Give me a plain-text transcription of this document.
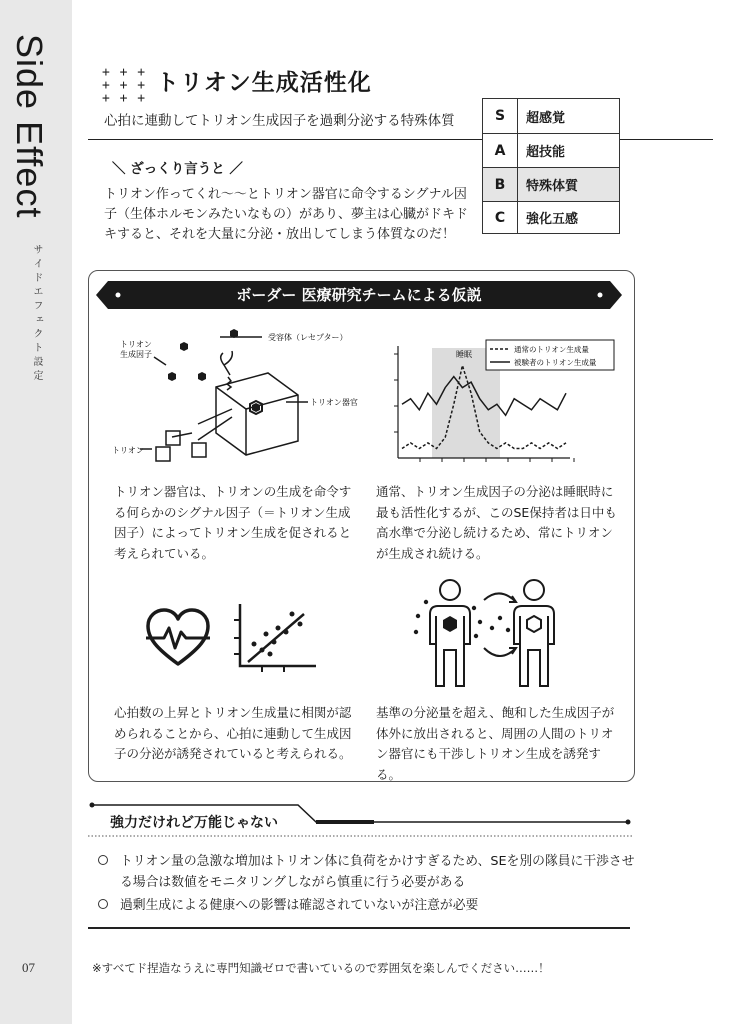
Side Effect
サイドエフェクト設定
07
+ + +
+ + +
+ + +
トリオン生成活性化
心拍に連動してトリオン生成因子を過剰分泌する特殊体質	S	超感覚
A	超技能
B	特殊体質
C	強化五感
＼ ざっくり言うと ／
トリオン作ってくれ〜〜とトリオン器官に命令するシグナル因子（生体ホルモンみたいなもの）があり、夢主は心臓がドキドキすると、それを大量に分泌・放出してしまう体質なのだ！
ボーダー 医療研究チームによる仮説
トリオン
生成因子
受容体（レセプター）
トリオン器官
トリオン
睡眠
通常のトリオン生成量
被験者のトリオン生成量
トリオン器官は、トリオンの生成を命令する何らかのシグナル因子（＝トリオン生成因子）によってトリオン生成を促されると考えられている。
通常、トリオン生成因子の分泌は睡眠時に最も活性化するが、このSE保持者は日中も高水準で分泌し続けるため、常にトリオンが生成され続ける。
心拍数の上昇とトリオン生成量に相関が認められることから、心拍に連動して生成因子の分泌が誘発されていると考えられる。
基準の分泌量を超え、飽和した生成因子が体外に放出されると、周囲の人間のトリオン器官にも干渉しトリオン生成を誘発する。
強力だけれど万能じゃない
トリオン量の急激な増加はトリオン体に負荷をかけすぎるため、SEを別の隊員に干渉させる場合は数値をモニタリングしながら慎重に行う必要がある
過剰生成による健康への影響は確認されていないが注意が必要
※すべてド捏造なうえに専門知識ゼロで書いているので雰囲気を楽しんでください……！
